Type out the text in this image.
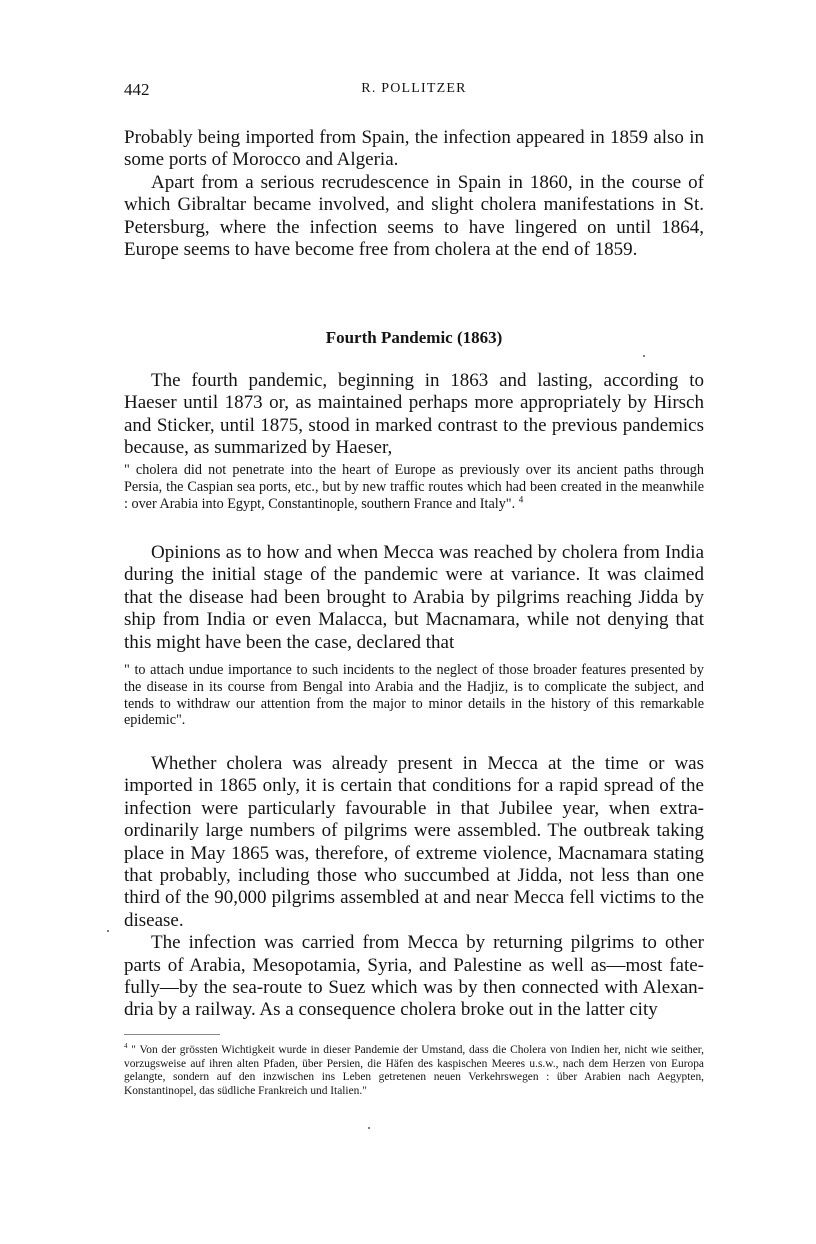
442	R. POLLITZER

Probably being imported from Spain, the infection appeared in 1859 also in some ports of Morocco and Algeria.

Apart from a serious recrudescence in Spain in 1860, in the course of which Gibraltar became involved, and slight cholera manifestations in St. Petersburg, where the infection seems to have lingered on until 1864, Europe seems to have become free from cholera at the end of 1859.

Fourth Pandemic (1863)

The fourth pandemic, beginning in 1863 and lasting, according to Haeser until 1873 or, as maintained perhaps more appropriately by Hirsch and Sticker, until 1875, stood in marked contrast to the previous pandemics because, as summarized by Haeser,

" cholera did not penetrate into the heart of Europe as previously over its ancient paths through Persia, the Caspian sea ports, etc., but by new traffic routes which had been created in the meanwhile : over Arabia into Egypt, Constantinople, southern France and Italy". $^4$

Opinions as to how and when Mecca was reached by cholera from India during the initial stage of the pandemic were at variance. It was claimed that the disease had been brought to Arabia by pilgrims reaching Jidda by ship from India or even Malacca, but Macnamara, while not denying that this might have been the case, declared that

" to attach undue importance to such incidents to the neglect of those broader features presented by the disease in its course from Bengal into Arabia and the Hadjiz, is to complicate the subject, and tends to withdraw our attention from the major to minor details in the history of this remarkable epidemic".

Whether cholera was already present in Mecca at the time or was imported in 1865 only, it is certain that conditions for a rapid spread of the infection were particularly favourable in that Jubilee year, when extra-ordinarily large numbers of pilgrims were assembled. The outbreak taking place in May 1865 was, therefore, of extreme violence, Macnamara stating that probably, including those who succumbed at Jidda, not less than one third of the 90,000 pilgrims assembled at and near Mecca fell victims to the disease.

The infection was carried from Mecca by returning pilgrims to other parts of Arabia, Mesopotamia, Syria, and Palestine as well as—most fate-fully—by the sea-route to Suez which was by then connected with Alexan-dria by a railway. As a consequence cholera broke out in the latter city

$^4$ " Von der grössten Wichtigkeit wurde in dieser Pandemie der Umstand, dass die Cholera von Indien her, nicht wie seither, vorzugsweise auf ihren alten Pfaden, über Persien, die Häfen des kaspischen Meeres u.s.w., nach dem Herzen von Europa gelangte, sondern auf den inzwischen ins Leben getretenen neuen Verkehrswegen : über Arabien nach Aegypten, Konstantinopel, das südliche Frankreich und Italien."
